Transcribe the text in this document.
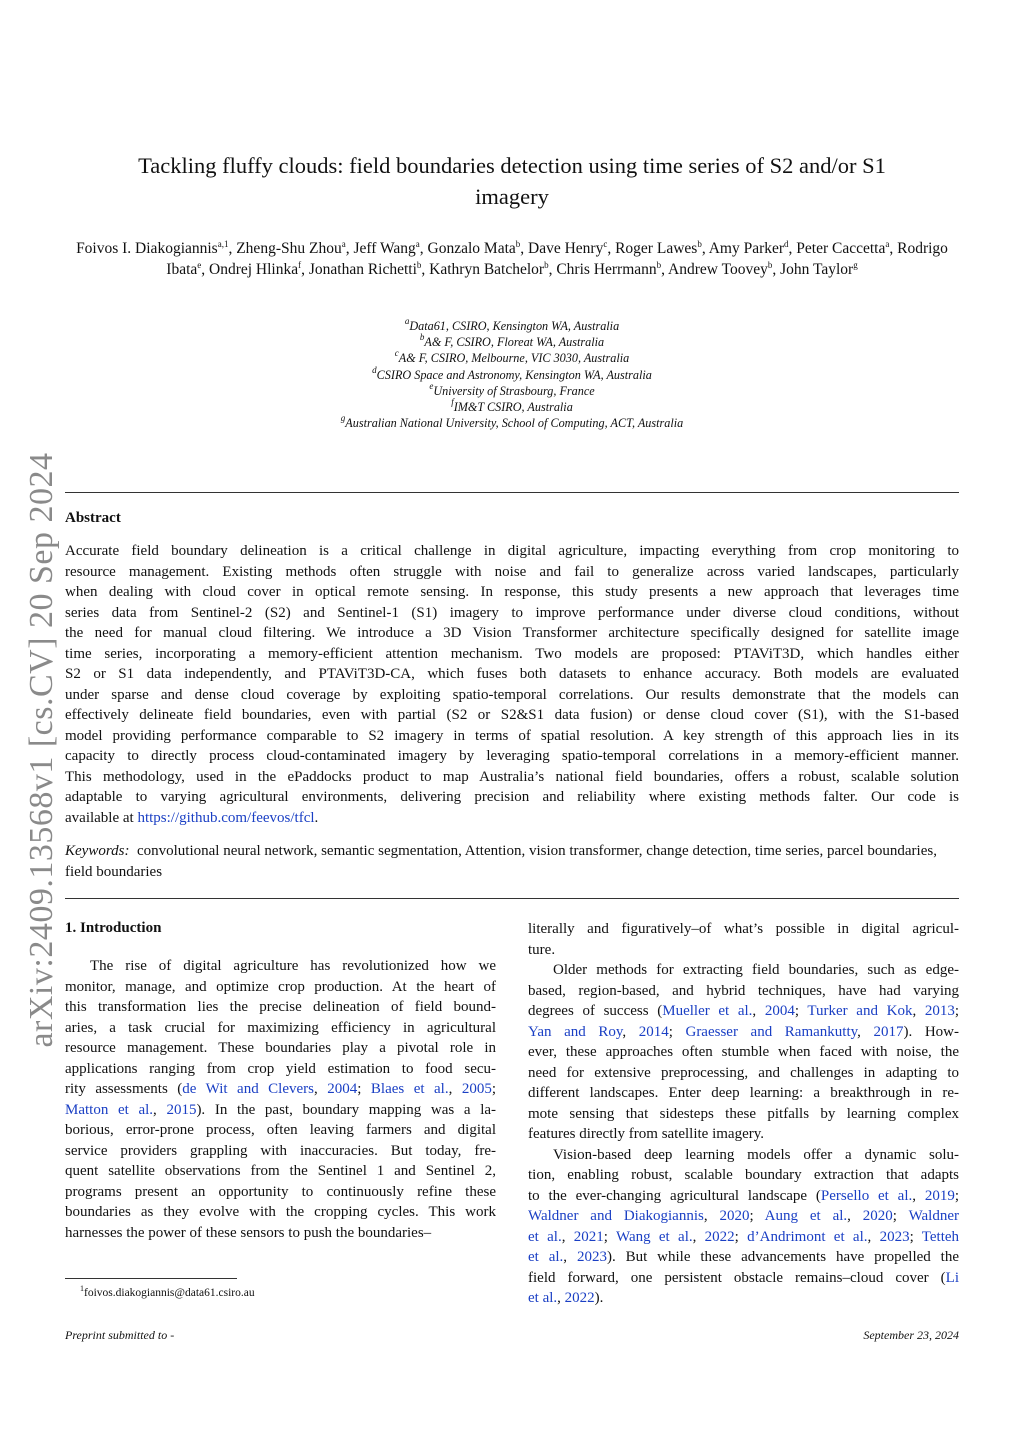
arXiv:2409.13568v1 [cs.CV] 20 Sep 2024
Tackling fluffy clouds: field boundaries detection using time series of S2 and/or S1
imagery
Foivos I. Diakogiannis$^{a,1}$, Zheng-Shu Zhou$^a$, Jeff Wang$^a$, Gonzalo Mata$^b$, Dave Henry$^c$, Roger Lawes$^b$, Amy Parker$^d$, Peter Caccetta$^a$, Rodrigo Ibata$^e$, Ondrej Hlinka$^f$, Jonathan Richetti$^b$, Kathryn Batchelor$^b$, Chris Herrmann$^b$, Andrew Toovey$^b$, John Taylor$^g$
$^a$Data61, CSIRO, Kensington WA, Australia
$^b$A& F, CSIRO, Floreat WA, Australia
$^c$A& F, CSIRO, Melbourne, VIC 3030, Australia
$^d$CSIRO Space and Astronomy, Kensington WA, Australia
$^e$University of Strasbourg, France
$^f$IM&T CSIRO, Australia
$^g$Australian National University, School of Computing, ACT, Australia
Abstract
Accurate field boundary delineation is a critical challenge in digital agriculture, impacting everything from crop monitoring to
resource management. Existing methods often struggle with noise and fail to generalize across varied landscapes, particularly
when dealing with cloud cover in optical remote sensing. In response, this study presents a new approach that leverages time
series data from Sentinel-2 (S2) and Sentinel-1 (S1) imagery to improve performance under diverse cloud conditions, without
the need for manual cloud filtering. We introduce a 3D Vision Transformer architecture specifically designed for satellite image
time series, incorporating a memory-efficient attention mechanism. Two models are proposed: PTAViT3D, which handles either
S2 or S1 data independently, and PTAViT3D-CA, which fuses both datasets to enhance accuracy. Both models are evaluated
under sparse and dense cloud coverage by exploiting spatio-temporal correlations. Our results demonstrate that the models can
effectively delineate field boundaries, even with partial (S2 or S2&S1 data fusion) or dense cloud cover (S1), with the S1-based
model providing performance comparable to S2 imagery in terms of spatial resolution. A key strength of this approach lies in its
capacity to directly process cloud-contaminated imagery by leveraging spatio-temporal correlations in a memory-efficient manner.
This methodology, used in the ePaddocks product to map Australia’s national field boundaries, offers a robust, scalable solution
adaptable to varying agricultural environments, delivering precision and reliability where existing methods falter. Our code is
available at https://github.com/feevos/tfcl.
Keywords: convolutional neural network, semantic segmentation, Attention, vision transformer, change detection, time series, parcel boundaries, field boundaries
1. Introduction
The rise of digital agriculture has revolutionized how we
monitor, manage, and optimize crop production. At the heart of
this transformation lies the precise delineation of field bound-
aries, a task crucial for maximizing efficiency in agricultural
resource management. These boundaries play a pivotal role in
applications ranging from crop yield estimation to food secu-
rity assessments (de Wit and Clevers, 2004; Blaes et al., 2005;
Matton et al., 2015). In the past, boundary mapping was a la-
borious, error-prone process, often leaving farmers and digital
service providers grappling with inaccuracies. But today, fre-
quent satellite observations from the Sentinel 1 and Sentinel 2,
programs present an opportunity to continuously refine these
boundaries as they evolve with the cropping cycles. This work
harnesses the power of these sensors to push the boundaries–
literally and figuratively–of what’s possible in digital agricul-
ture.
Older methods for extracting field boundaries, such as edge-
based, region-based, and hybrid techniques, have had varying
degrees of success (Mueller et al., 2004; Turker and Kok, 2013;
Yan and Roy, 2014; Graesser and Ramankutty, 2017). How-
ever, these approaches often stumble when faced with noise, the
need for extensive preprocessing, and challenges in adapting to
different landscapes. Enter deep learning: a breakthrough in re-
mote sensing that sidesteps these pitfalls by learning complex
features directly from satellite imagery.
Vision-based deep learning models offer a dynamic solu-
tion, enabling robust, scalable boundary extraction that adapts
to the ever-changing agricultural landscape (Persello et al., 2019;
Waldner and Diakogiannis, 2020; Aung et al., 2020; Waldner
et al., 2021; Wang et al., 2022; d’Andrimont et al., 2023; Tetteh
et al., 2023). But while these advancements have propelled the
field forward, one persistent obstacle remains–cloud cover (Li
et al., 2022).
$^1$foivos.diakogiannis@data61.csiro.au
Preprint submitted to -	September 23, 2024
